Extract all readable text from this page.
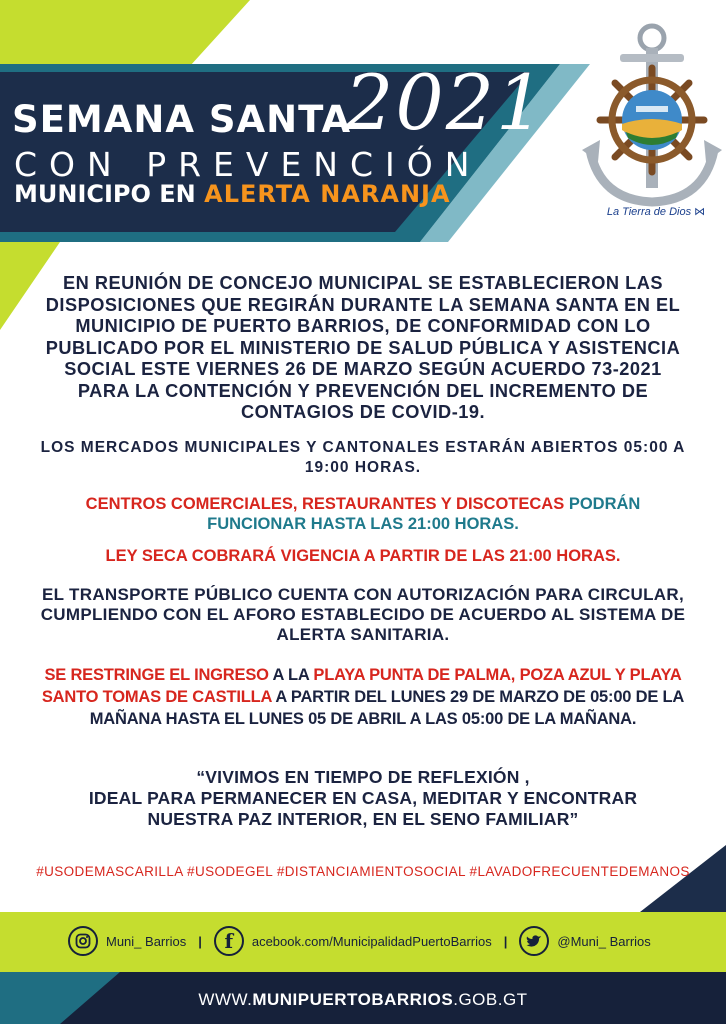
SEMANA SANTA
2021
CON PREVENCIÓN
MUNICIPO EN ALERTA NARANJA
La Tierra de Dios ⋈
EN REUNIÓN DE CONCEJO MUNICIPAL SE ESTABLECIERON LAS DISPOSICIONES QUE REGIRÁN DURANTE LA SEMANA SANTA EN EL MUNICIPIO DE PUERTO BARRIOS, DE CONFORMIDAD CON LO PUBLICADO POR EL MINISTERIO DE SALUD PÚBLICA Y ASISTENCIA SOCIAL ESTE VIERNES 26 DE MARZO SEGÚN ACUERDO 73-2021 PARA LA CONTENCIÓN Y PREVENCIÓN DEL INCREMENTO DE CONTAGIOS DE COVID-19.
LOS MERCADOS MUNICIPALES Y CANTONALES ESTARÁN ABIERTOS 05:00 A 19:00 HORAS.
CENTROS COMERCIALES, RESTAURANTES Y DISCOTECAS PODRÁN FUNCIONAR HASTA LAS 21:00 HORAS.
LEY SECA COBRARÁ VIGENCIA A PARTIR DE LAS 21:00 HORAS.
EL TRANSPORTE PÚBLICO CUENTA CON AUTORIZACIÓN PARA CIRCULAR, CUMPLIENDO CON EL AFORO ESTABLECIDO DE ACUERDO AL SISTEMA DE ALERTA SANITARIA.
SE RESTRINGE EL INGRESO A LA PLAYA PUNTA DE PALMA, POZA AZUL Y PLAYA SANTO TOMAS DE CASTILLA A PARTIR DEL LUNES 29 DE MARZO DE 05:00 DE LA MAÑANA HASTA EL LUNES 05 DE ABRIL A LAS 05:00 DE LA MAÑANA.
“VIVIMOS EN TIEMPO DE REFLEXIÓN ,
IDEAL PARA PERMANECER EN CASA, MEDITAR Y ENCONTRAR
NUESTRA PAZ INTERIOR, EN EL SENO FAMILIAR”
#USODEMASCARILLA #USODEGEL #DISTANCIAMIENTOSOCIAL #LAVADOFRECUENTEDEMANOS
Muni_ Barrios | f acebook.com/MunicipalidadPuertoBarrios |	@Muni_ Barrios
WWW.MUNIPUERTOBARRIOS.GOB.GT
